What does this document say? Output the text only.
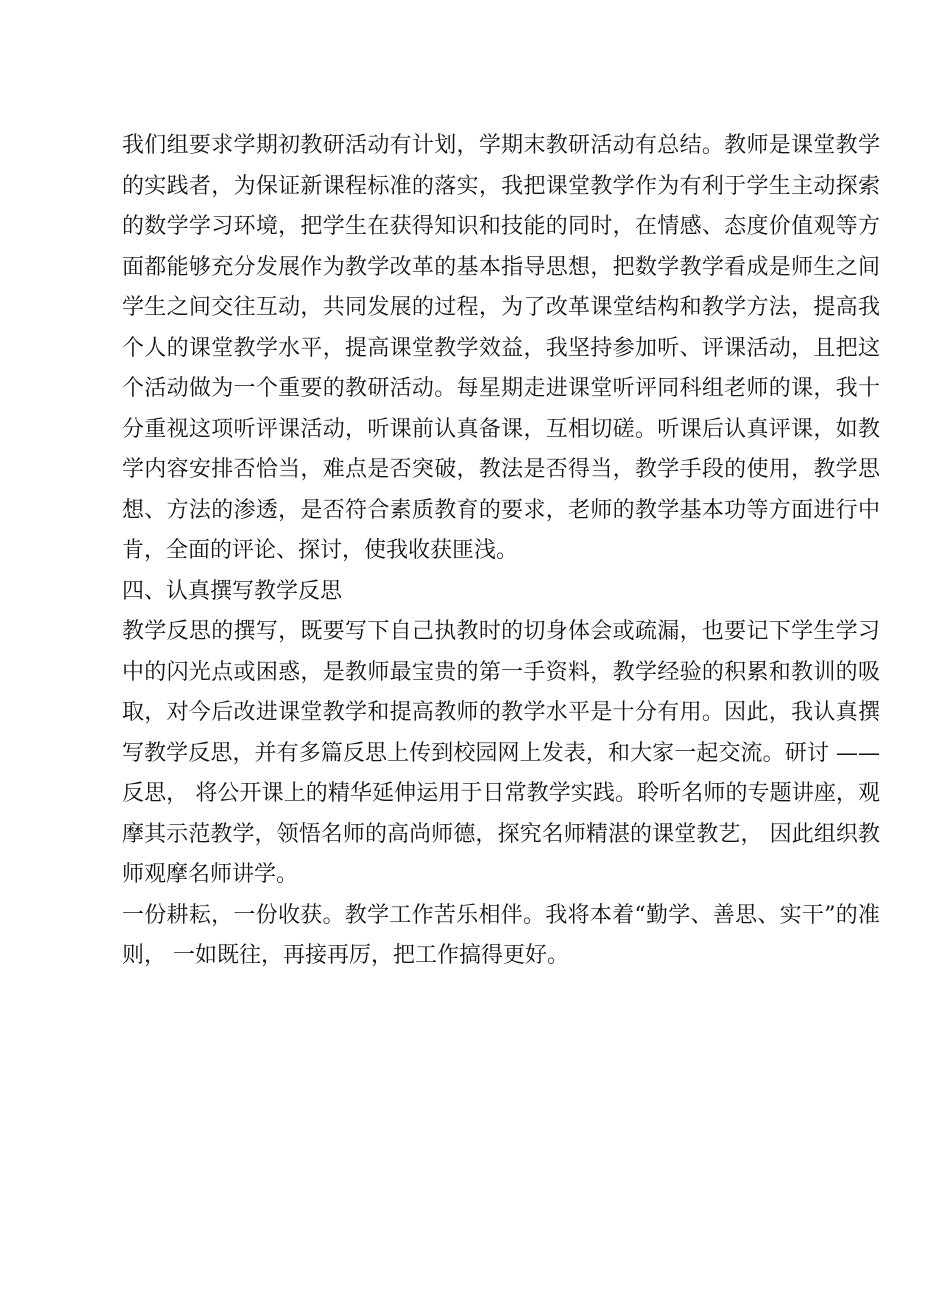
我们组要求学期初教研活动有计划，学期末教研活动有总结。教师是课堂教学的实践者，为保证新课程标准的落实，我把课堂教学作为有利于学生主动探索的数学学习环境，把学生在获得知识和技能的同时，在情感、态度价值观等方面都能够充分发展作为教学改革的基本指导思想，把数学教学看成是师生之间学生之间交往互动，共同发展的过程，为了改革课堂结构和教学方法，提高我个人的课堂教学水平，提高课堂教学效益，我坚持参加听、评课活动，且把这个活动做为一个重要的教研活动。每星期走进课堂听评同科组老师的课，我十分重视这项听评课活动，听课前认真备课，互相切磋。听课后认真评课，如教学内容安排否恰当，难点是否突破，教法是否得当，教学手段的使用，教学思想、方法的渗透，是否符合素质教育的要求，老师的教学基本功等方面进行中肯，全面的评论、探讨，使我收获匪浅。

四、认真撰写教学反思

教学反思的撰写，既要写下自己执教时的切身体会或疏漏，也要记下学生学习中的闪光点或困惑，是教师最宝贵的第一手资料，教学经验的积累和教训的吸取，对今后改进课堂教学和提高教师的教学水平是十分有用。因此，我认真撰写教学反思，并有多篇反思上传到校园网上发表，和大家一起交流。研讨 ——反思， 将公开课上的精华延伸运用于日常教学实践。聆听名师的专题讲座，观摩其示范教学，领悟名师的高尚师德，探究名师精湛的课堂教艺， 因此组织教师观摩名师讲学。

一份耕耘，一份收获。教学工作苦乐相伴。我将本着“勤学、善思、实干”的准则， 一如既往，再接再厉，把工作搞得更好。
